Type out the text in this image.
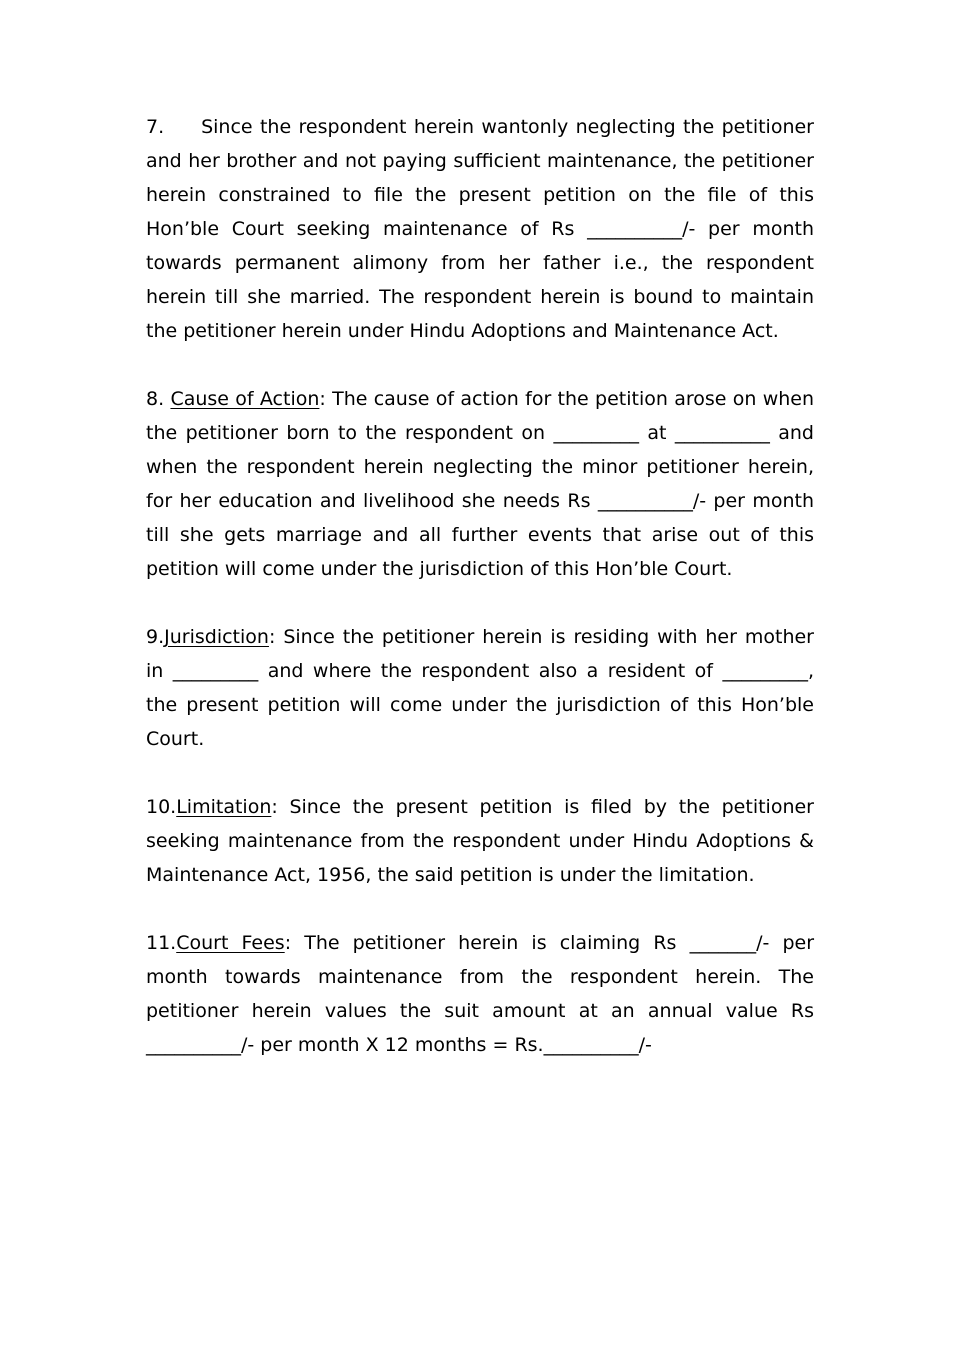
7.     Since the respondent herein wantonly neglecting the petitioner and her brother and not paying sufficient maintenance, the petitioner herein constrained to file the present petition on the file of this Hon’ble Court seeking maintenance of Rs __________/- per month towards permanent alimony from her father i.e., the respondent herein till she married. The respondent herein is bound to maintain the petitioner herein under Hindu Adoptions and Maintenance Act.

8. Cause of Action: The cause of action for the petition arose on when the petitioner born to the respondent on _________ at __________ and when the respondent herein neglecting the minor petitioner herein, for her education and livelihood she needs Rs __________/- per month till she gets marriage and all further events that arise out of this petition will come under the jurisdiction of this Hon’ble Court.

9.Jurisdiction: Since the petitioner herein is residing with her mother in _________ and where the respondent also a resident of _________, the present petition will come under the jurisdiction of this Hon’ble Court.

10.Limitation: Since the present petition is filed by the petitioner seeking maintenance from the respondent under Hindu Adoptions & Maintenance Act, 1956, the said petition is under the limitation.

11.Court Fees: The petitioner herein is claiming Rs _______/- per month towards maintenance from the respondent herein. The petitioner herein values the suit amount at an annual value Rs __________/- per month X 12 months = Rs.__________/-
